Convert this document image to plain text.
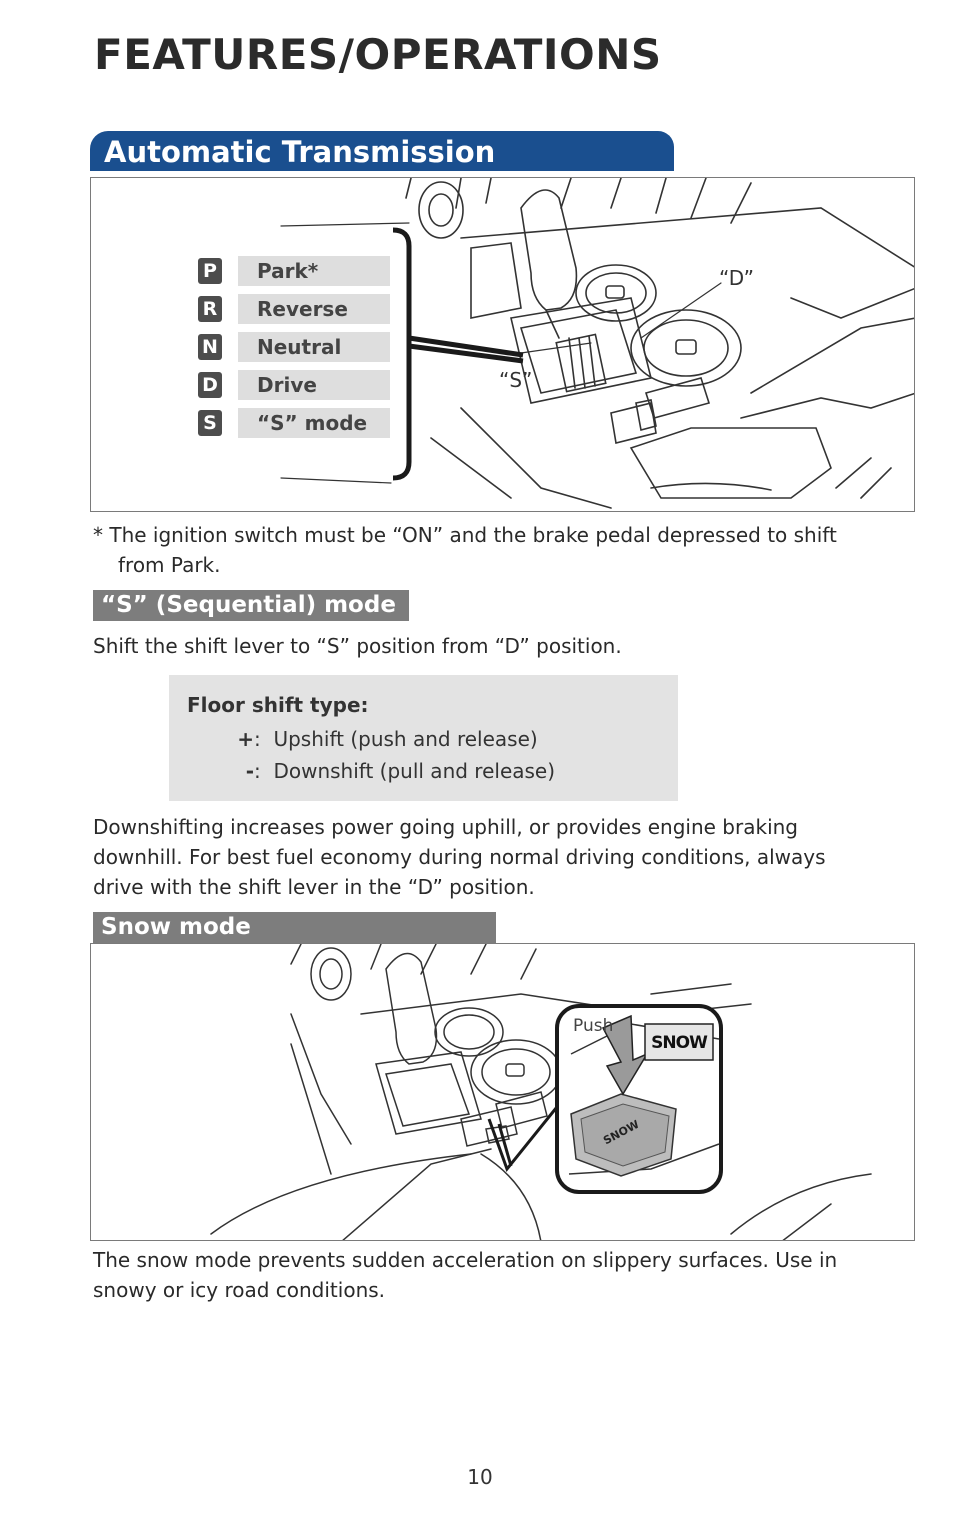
FEATURES/OPERATIONS
Automatic Transmission
P	Park*
R	Reverse
N	Neutral
D	Drive
S	“S” mode
“D”
“S”
* The ignition switch must be “ON” and the brake pedal depressed to shift
from Park.
“S” (Sequential) mode
Shift the shift lever to “S” position from “D” position.
Floor shift type:
+:  Upshift (push and release)
-:  Downshift (pull and release)
Downshifting increases power going uphill, or provides engine braking
downhill. For best fuel economy during normal driving conditions, always
drive with the shift lever in the “D” position.
Snow mode
Push
SNOW
SNOW
The snow mode prevents sudden acceleration on slippery surfaces. Use in
snowy or icy road conditions.
10
